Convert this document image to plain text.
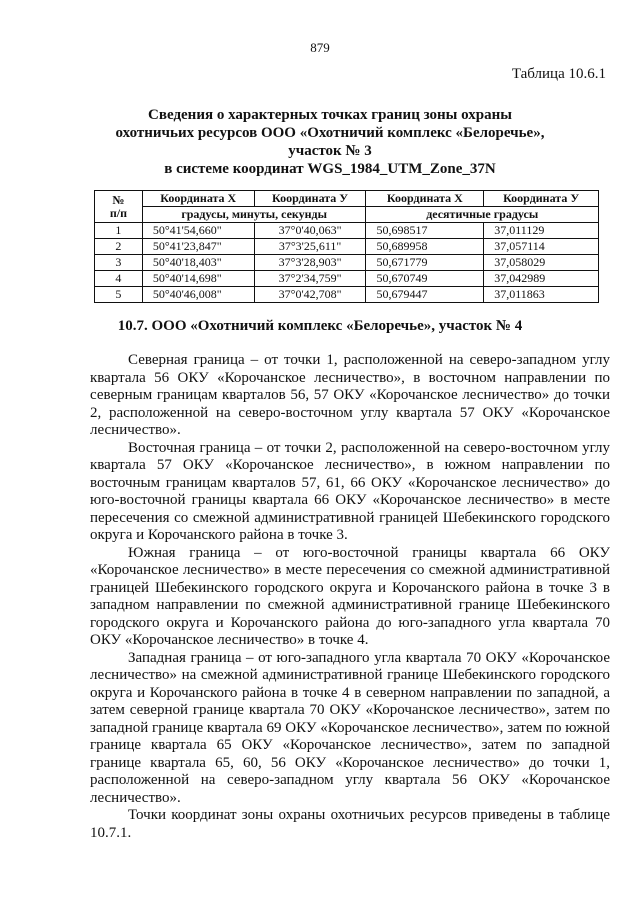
879
Таблица 10.6.1
Сведения о характерных точках границ зоны охраны
охотничьих ресурсов ООО «Охотничий комплекс «Белоречье»,
участок № 3
в системе координат WGS_1984_UTM_Zone_37N
№
п/п	Координата X	Координата У	Координата X	Координата У
	градусы, минуты, секунды		десятичные градусы	
1	50°41'54,660"	37°0'40,063"	50,698517	37,011129
2	50°41'23,847"	37°3'25,611"	50,689958	37,057114
3	50°40'18,403"	37°3'28,903"	50,671779	37,058029
4	50°40'14,698"	37°2'34,759"	50,670749	37,042989
5	50°40'46,008"	37°0'42,708"	50,679447	37,011863
10.7. ООО «Охотничий комплекс «Белоречье», участок № 4

Северная граница – от точки 1, расположенной на северо-западном углу квартала 56 ОКУ «Корочанское лесничество», в восточном направлении по северным границам кварталов 56, 57 ОКУ «Корочанское лесничество» до точки 2, расположенной на северо-восточном углу квартала 57 ОКУ «Корочанское лесничество».

Восточная граница – от точки 2, расположенной на северо-восточном углу квартала 57 ОКУ «Корочанское лесничество», в южном направлении по восточным границам кварталов 57, 61, 66 ОКУ «Корочанское лесничество» до юго-восточной границы квартала 66 ОКУ «Корочанское лесничество» в месте пересечения со смежной административной границей Шебекинского городского округа и Корочанского района в точке 3.

Южная граница – от юго-восточной границы квартала 66 ОКУ «Корочанское лесничество» в месте пересечения со смежной административной границей Шебекинского городского округа и Корочанского района в точке 3 в западном направлении по смежной административной границе Шебекинского городского округа и Корочанского района до юго-западного угла квартала 70 ОКУ «Корочанское лесничество» в точке 4.

Западная граница – от юго-западного угла квартала 70 ОКУ «Корочанское лесничество» на смежной административной границе Шебекинского городского округа и Корочанского района в точке 4 в северном направлении по западной, а затем северной границе квартала 70 ОКУ «Корочанское лесничество», затем по западной границе квартала 69 ОКУ «Корочанское лесничество», затем по южной границе квартала 65 ОКУ «Корочанское лесничество», затем по западной границе квартала 65, 60, 56 ОКУ «Корочанское лесничество» до точки 1, расположенной на северо-западном углу квартала 56 ОКУ «Корочанское лесничество».

Точки координат зоны охраны охотничьих ресурсов приведены в таблице 10.7.1.
